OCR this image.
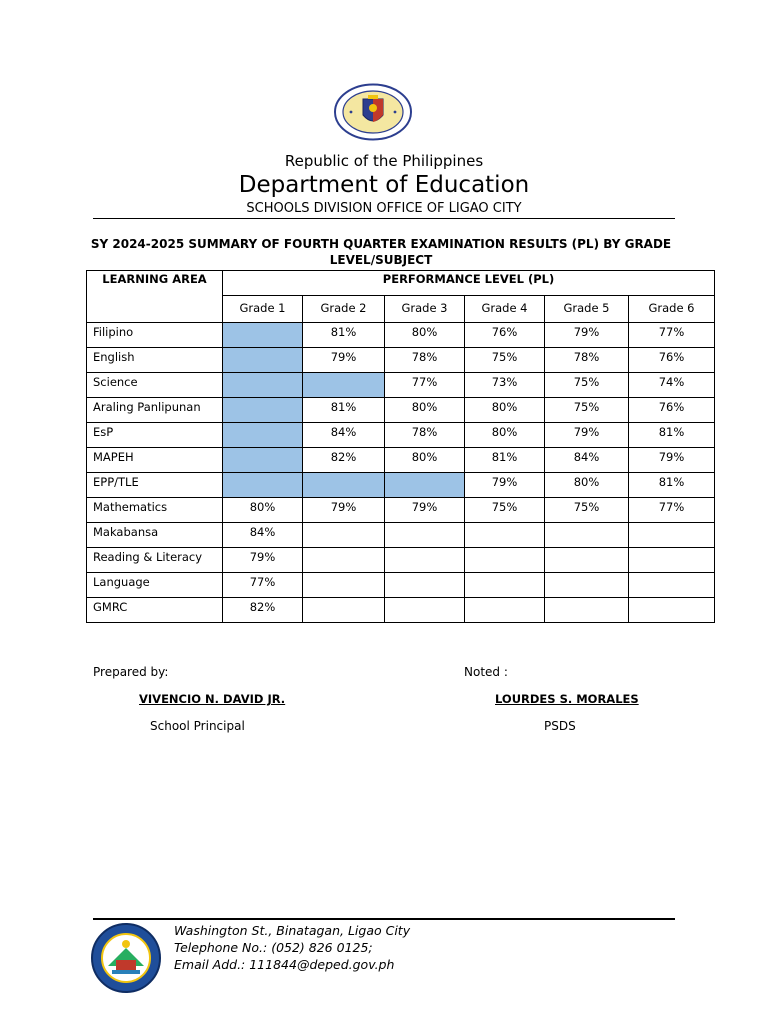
Republic of the Philippines
Department of Education
SCHOOLS DIVISION OFFICE OF LIGAO CITY
SY 2024-2025 SUMMARY OF FOURTH QUARTER EXAMINATION RESULTS (PL) BY GRADE LEVEL/SUBJECT
LEARNING AREA	PERFORMANCE LEVEL (PL)					
	Grade 1	Grade 2	Grade 3	Grade 4	Grade 5	Grade 6
Filipino		81%	80%	76%	79%	77%
English		79%	78%	75%	78%	76%
Science			77%	73%	75%	74%
Araling Panlipunan		81%	80%	80%	75%	76%
EsP		84%	78%	80%	79%	81%
MAPEH		82%	80%	81%	84%	79%
EPP/TLE				79%	80%	81%
Mathematics	80%	79%	79%	75%	75%	77%
Makabansa	84%					
Reading & Literacy	79%					
Language	77%					
GMRC	82%					
Prepared by:
VIVENCIO N. DAVID JR.
School Principal
Noted :
LOURDES S. MORALES
PSDS
Washington St., Binatagan, Ligao City
Telephone No.: (052) 826 0125;
Email Add.: 111844@deped.gov.ph
